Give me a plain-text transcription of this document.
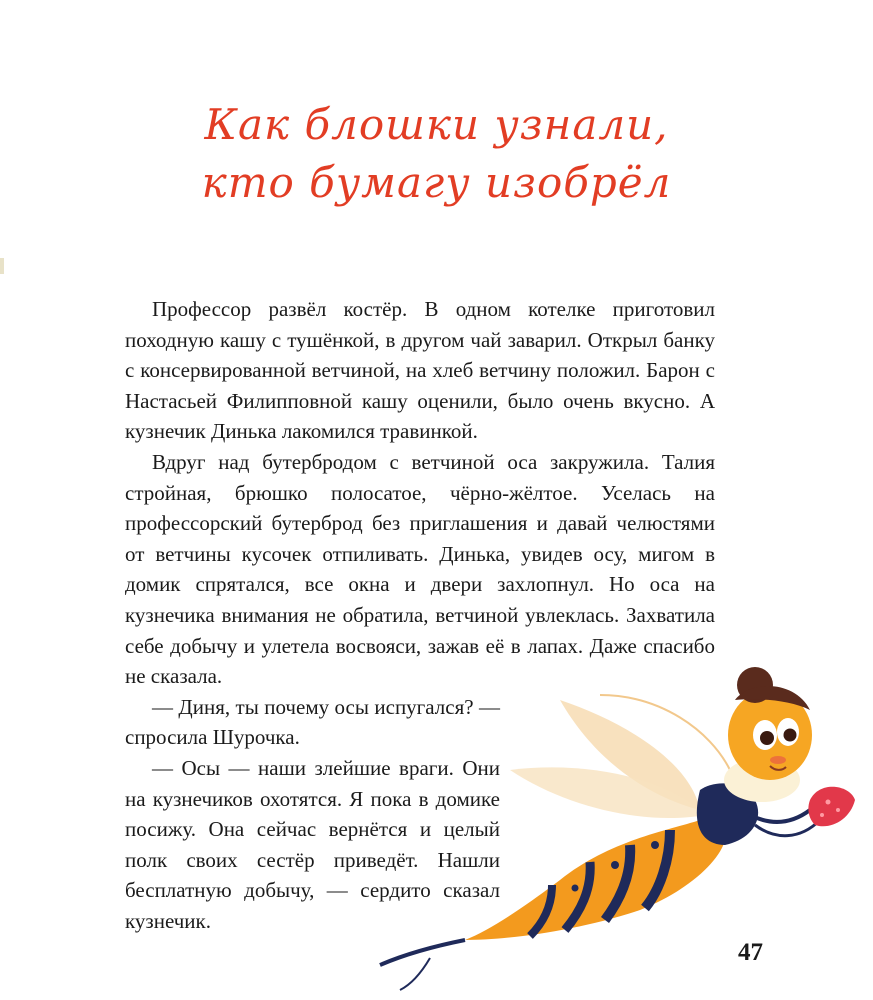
Как блошки узнали,
кто бумагу изобрёл

Профессор развёл костёр. В одном котелке приготовил походную кашу с тушёнкой, в другом чай заварил. Открыл банку с консервированной ветчиной, на хлеб ветчину положил. Барон с Настасьей Филипповной кашу оценили, было очень вкусно. А кузнечик Динька лакомился травинкой.

Вдруг над бутербродом с ветчиной оса закружила. Талия стройная, брюшко полосатое, чёрно-жёлтое. Уселась на профессорский бутерброд без приглашения и давай челюстями от ветчины кусочек отпиливать. Динька, увидев осу, мигом в домик спрятался, все окна и двери захлопнул. Но оса на кузнечика внимания не обратила, ветчиной увлеклась. Захватила себе добычу и улетела восвояси, зажав её в лапах. Даже спасибо не сказала.

— Диня, ты почему осы испугался? — спросила Шурочка.

— Осы — наши злейшие враги. Они на кузнечиков охотятся. Я пока в домике посижу. Она сейчас вернётся и целый полк своих сестёр приведёт. Нашли бесплатную добычу, — сердито сказал кузнечик.

47
